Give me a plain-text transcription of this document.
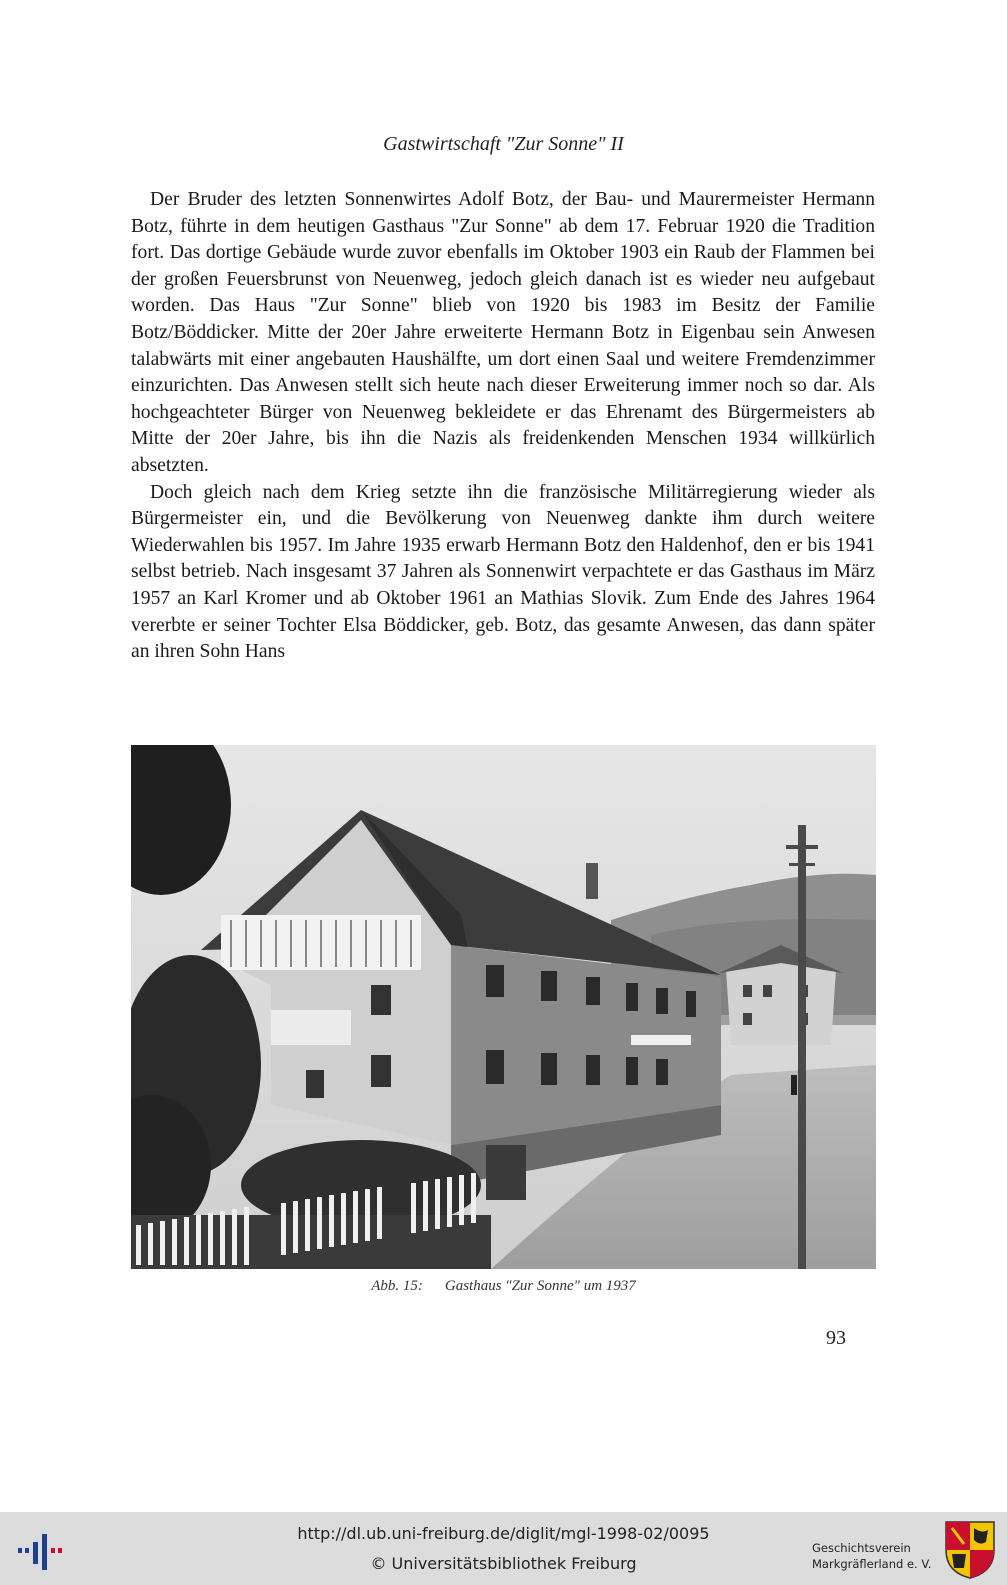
Gastwirtschaft "Zur Sonne" II

Der Bruder des letzten Sonnenwirtes Adolf Botz, der Bau- und Maurermeister Hermann Botz, führte in dem heutigen Gasthaus "Zur Sonne" ab dem 17. Februar 1920 die Tradition fort. Das dortige Gebäude wurde zuvor ebenfalls im Oktober 1903 ein Raub der Flammen bei der großen Feuersbrunst von Neuenweg, jedoch gleich danach ist es wieder neu aufgebaut worden. Das Haus "Zur Sonne" blieb von 1920 bis 1983 im Besitz der Familie Botz/Böddicker. Mitte der 20er Jahre erweiterte Hermann Botz in Eigenbau sein Anwesen talabwärts mit einer angebauten Haushälfte, um dort einen Saal und weitere Fremdenzimmer einzurichten. Das Anwesen stellt sich heute nach dieser Erweiterung immer noch so dar. Als hochgeachteter Bürger von Neuenweg bekleidete er das Ehrenamt des Bürgermeisters ab Mitte der 20er Jahre, bis ihn die Nazis als freidenkenden Menschen 1934 willkürlich absetzten.

Doch gleich nach dem Krieg setzte ihn die französische Militärregierung wieder als Bürgermeister ein, und die Bevölkerung von Neuenweg dankte ihm durch weitere Wiederwahlen bis 1957. Im Jahre 1935 erwarb Hermann Botz den Haldenhof, den er bis 1941 selbst betrieb. Nach insgesamt 37 Jahren als Sonnenwirt verpachtete er das Gasthaus im März 1957 an Karl Kromer und ab Oktober 1961 an Mathias Slovik. Zum Ende des Jahres 1964 vererbte er seiner Tochter Elsa Böddicker, geb. Botz, das gesamte Anwesen, das dann später an ihren Sohn Hans

Abb. 15: Gasthaus "Zur Sonne" um 1937
93
http://dl.ub.uni-freiburg.de/diglit/mgl-1998-02/0095
© Universitätsbibliothek Freiburg
Geschichtsverein
Markgräflerland e. V.
